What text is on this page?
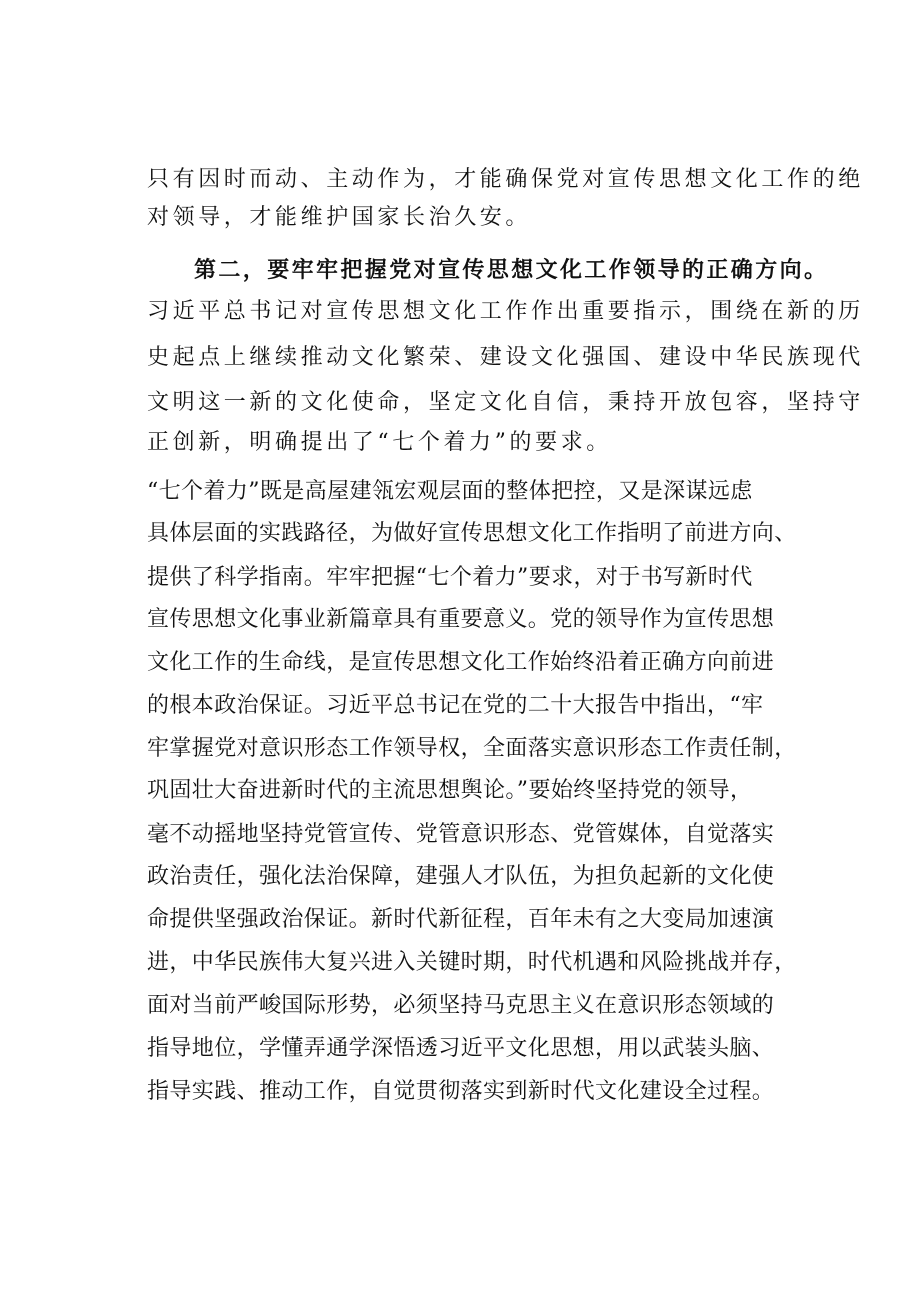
只有因时而动、主动作为，才能确保党对宣传思想文化工作的绝
对领导，才能维护国家长治久安。
第二，要牢牢把握党对宣传思想文化工作领导的正确方向。
习近平总书记对宣传思想文化工作作出重要指示，围绕在新的历
史起点上继续推动文化繁荣、建设文化强国、建设中华民族现代
文明这一新的文化使命，坚定文化自信，秉持开放包容，坚持守
正创新，明确提出了“七个着力”的要求。
“七个着力”既是高屋建瓴宏观层面的整体把控，又是深谋远虑
具体层面的实践路径，为做好宣传思想文化工作指明了前进方向、
提供了科学指南。牢牢把握“七个着力”要求，对于书写新时代
宣传思想文化事业新篇章具有重要意义。党的领导作为宣传思想
文化工作的生命线，是宣传思想文化工作始终沿着正确方向前进
的根本政治保证。习近平总书记在党的二十大报告中指出，“牢
牢掌握党对意识形态工作领导权，全面落实意识形态工作责任制，
巩固壮大奋进新时代的主流思想舆论。”要始终坚持党的领导，
毫不动摇地坚持党管宣传、党管意识形态、党管媒体，自觉落实
政治责任，强化法治保障，建强人才队伍，为担负起新的文化使
命提供坚强政治保证。新时代新征程，百年未有之大变局加速演
进，中华民族伟大复兴进入关键时期，时代机遇和风险挑战并存，
面对当前严峻国际形势，必须坚持马克思主义在意识形态领域的
指导地位，学懂弄通学深悟透习近平文化思想，用以武装头脑、
指导实践、推动工作，自觉贯彻落实到新时代文化建设全过程。
